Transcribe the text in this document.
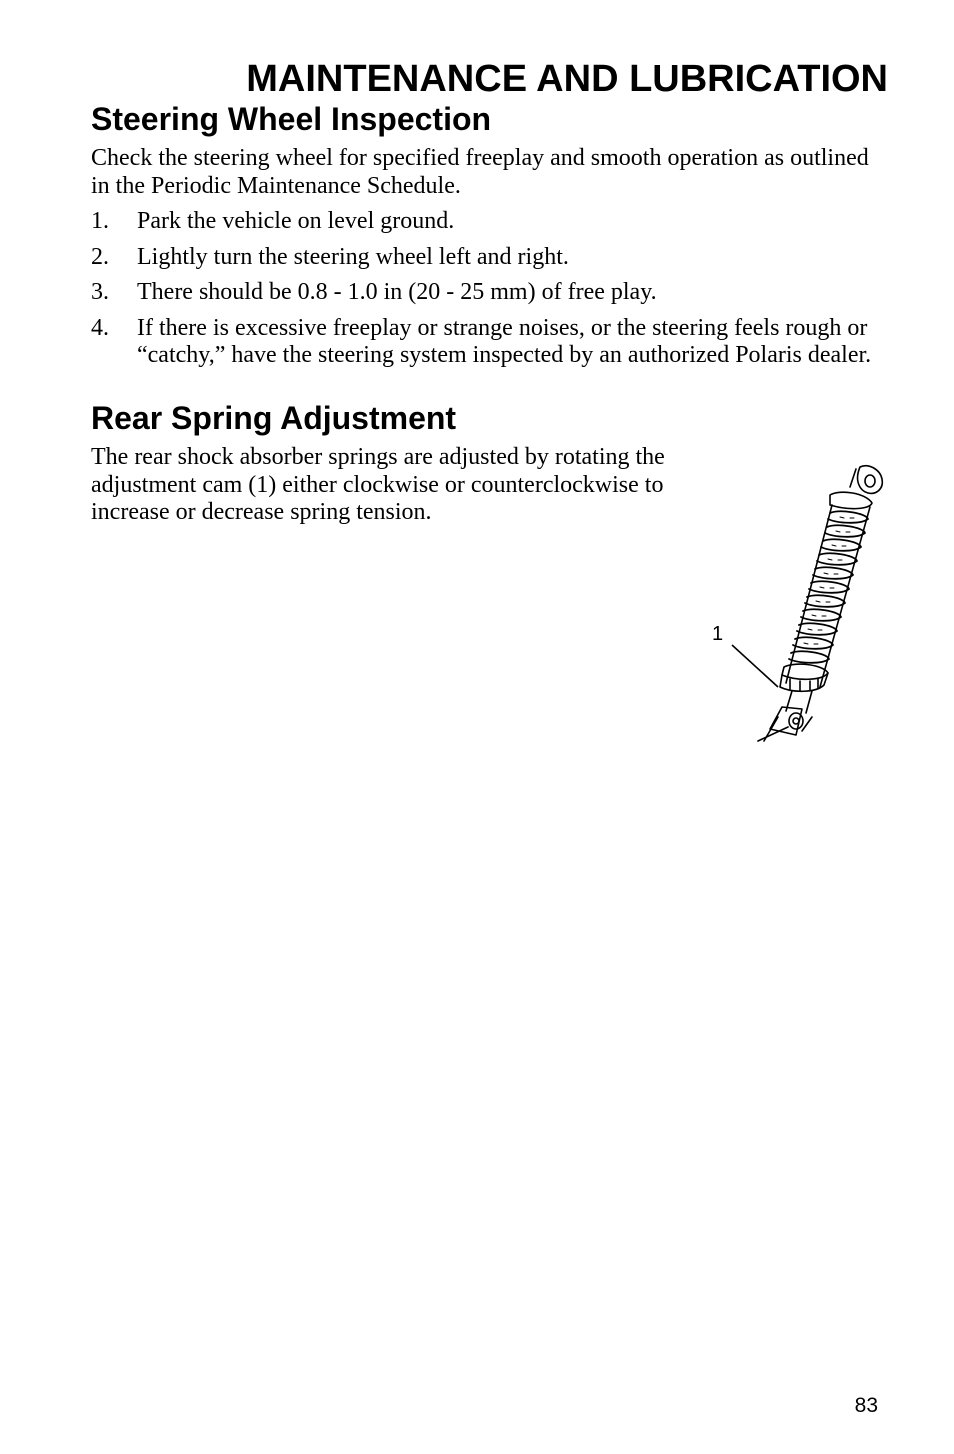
MAINTENANCE AND LUBRICATION
Steering Wheel Inspection

Check the steering wheel for specified freeplay and smooth operation as outlined in the Periodic Maintenance Schedule.

1.	Park the vehicle on level ground.
2.	Lightly turn the steering wheel left and right.
3.	There should be 0.8 - 1.0 in (20 - 25 mm) of free play.
4.	If there is excessive freeplay or strange noises, or the steering feels rough or “catchy,” have the steering system inspected by an authorized Polaris dealer.
Rear Spring Adjustment

The rear shock absorber springs are adjusted by rotating the adjustment cam (1) either clockwise or counterclockwise to increase or decrease spring tension.

1
83
